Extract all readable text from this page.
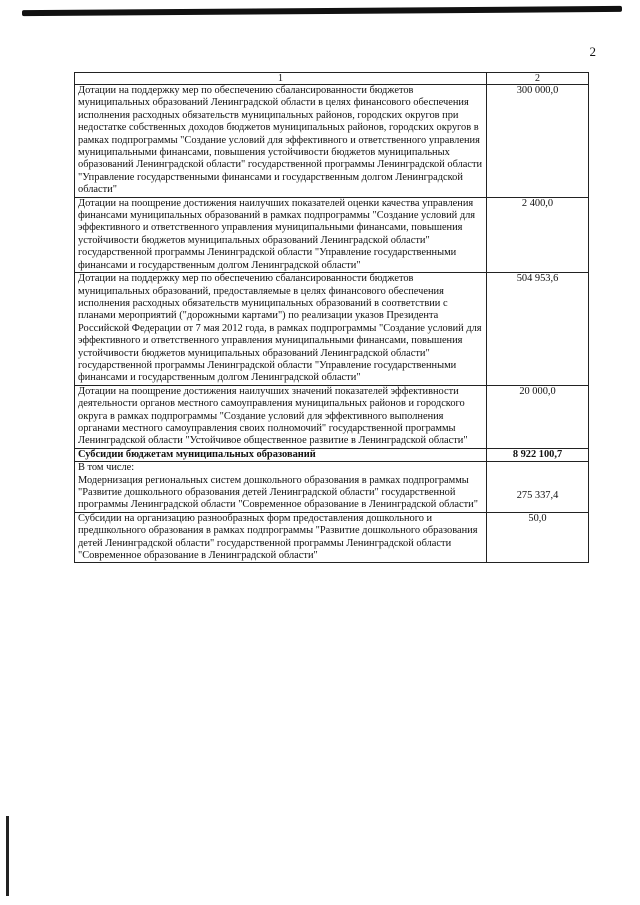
2
1	2
Дотации на поддержку мер по обеспечению сбалансированности бюджетов муниципальных образований Ленинградской области в целях финансового обеспечения исполнения расходных обязательств муниципальных районов, городских округов при недостатке собственных доходов бюджетов муниципальных районов, городских округов в рамках подпрограммы "Создание условий для эффективного и ответственного управления муниципальными финансами, повышения устойчивости бюджетов муниципальных образований Ленинградской области" государственной программы Ленинградской области "Управление государственными финансами и государственным долгом Ленинградской области"	300 000,0
Дотации на поощрение достижения наилучших показателей оценки качества управления финансами муниципальных образований в рамках подпрограммы "Создание условий для эффективного и ответственного управления муниципальными финансами, повышения устойчивости бюджетов муниципальных образований Ленинградской области" государственной программы Ленинградской области "Управление государственными финансами и государственным долгом Ленинградской области"	2 400,0
Дотации на поддержку мер по обеспечению сбалансированности бюджетов муниципальных образований, предоставляемые в целях финансового обеспечения исполнения расходных обязательств муниципальных образований в соответствии с планами мероприятий ("дорожными картами") по реализации указов Президента Российской Федерации от 7 мая 2012 года, в рамках подпрограммы "Создание условий для эффективного и ответственного управления муниципальными финансами, повышения устойчивости бюджетов муниципальных образований Ленинградской области" государственной программы Ленинградской области "Управление государственными финансами и государственным долгом Ленинградской области"	504 953,6
Дотации на поощрение достижения наилучших значений показателей эффективности деятельности органов местного самоуправления муниципальных районов и городского округа в рамках подпрограммы "Создание условий для эффективного выполнения органами местного самоуправления своих полномочий" государственной программы Ленинградской области "Устойчивое общественное развитие в Ленинградской области"	20 000,0
Субсидии бюджетам муниципальных образований	8 922 100,7
В том числе:
Модернизация региональных систем дошкольного образования в рамках подпрограммы "Развитие дошкольного образования детей Ленинградской области" государственной программы Ленинградской области "Современное образование в Ленинградской области"	275 337,4
Субсидии на организацию разнообразных форм предоставления дошкольного и предшкольного образования в рамках подпрограммы "Развитие дошкольного образования детей Ленинградской области" государственной программы Ленинградской области "Современное образование в Ленинградской области"	50,0
